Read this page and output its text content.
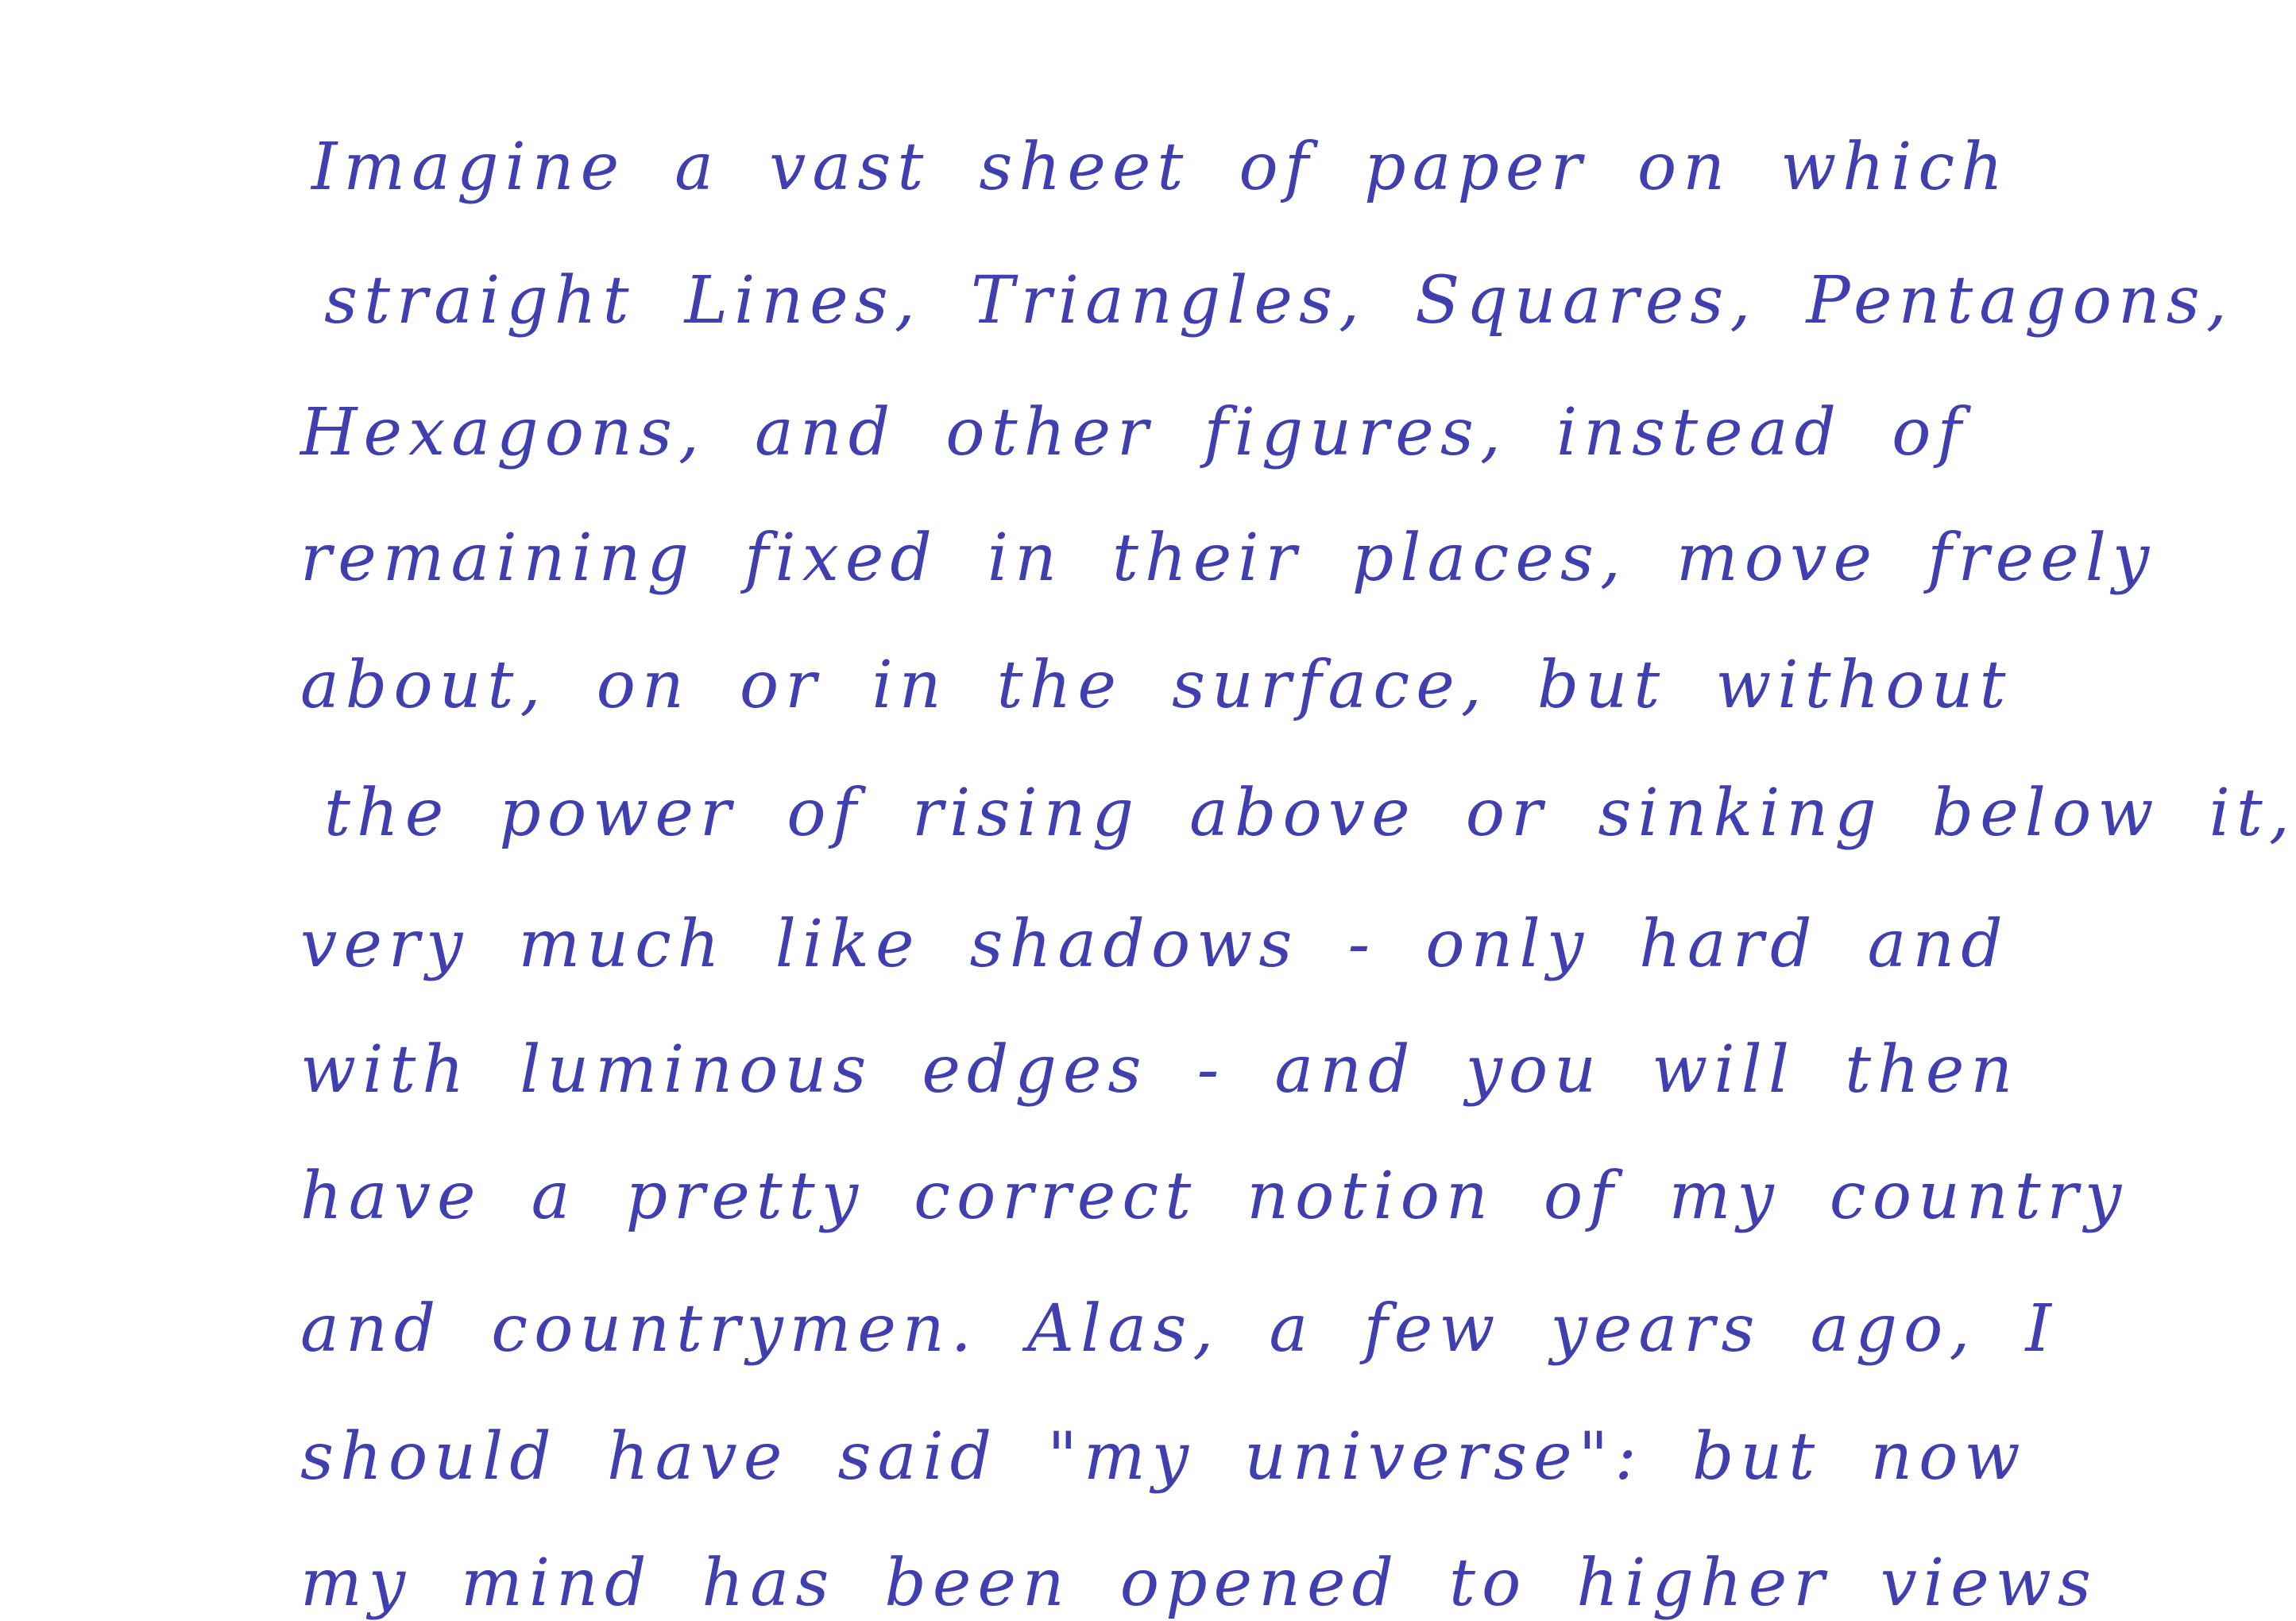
Imagine a vast sheet of paper on which
straight Lines, Triangles, Squares, Pentagons,
Hexagons, and other figures, instead of
remaining fixed in their places, move freely
about, on or in the surface, but without
the power of rising above or sinking below it,
very much like shadows - only hard and
with luminous edges - and you will then
have a pretty correct notion of my country
and countrymen. Alas, a few years ago, I
should have said "my universe": but now
my mind has been opened to higher views
